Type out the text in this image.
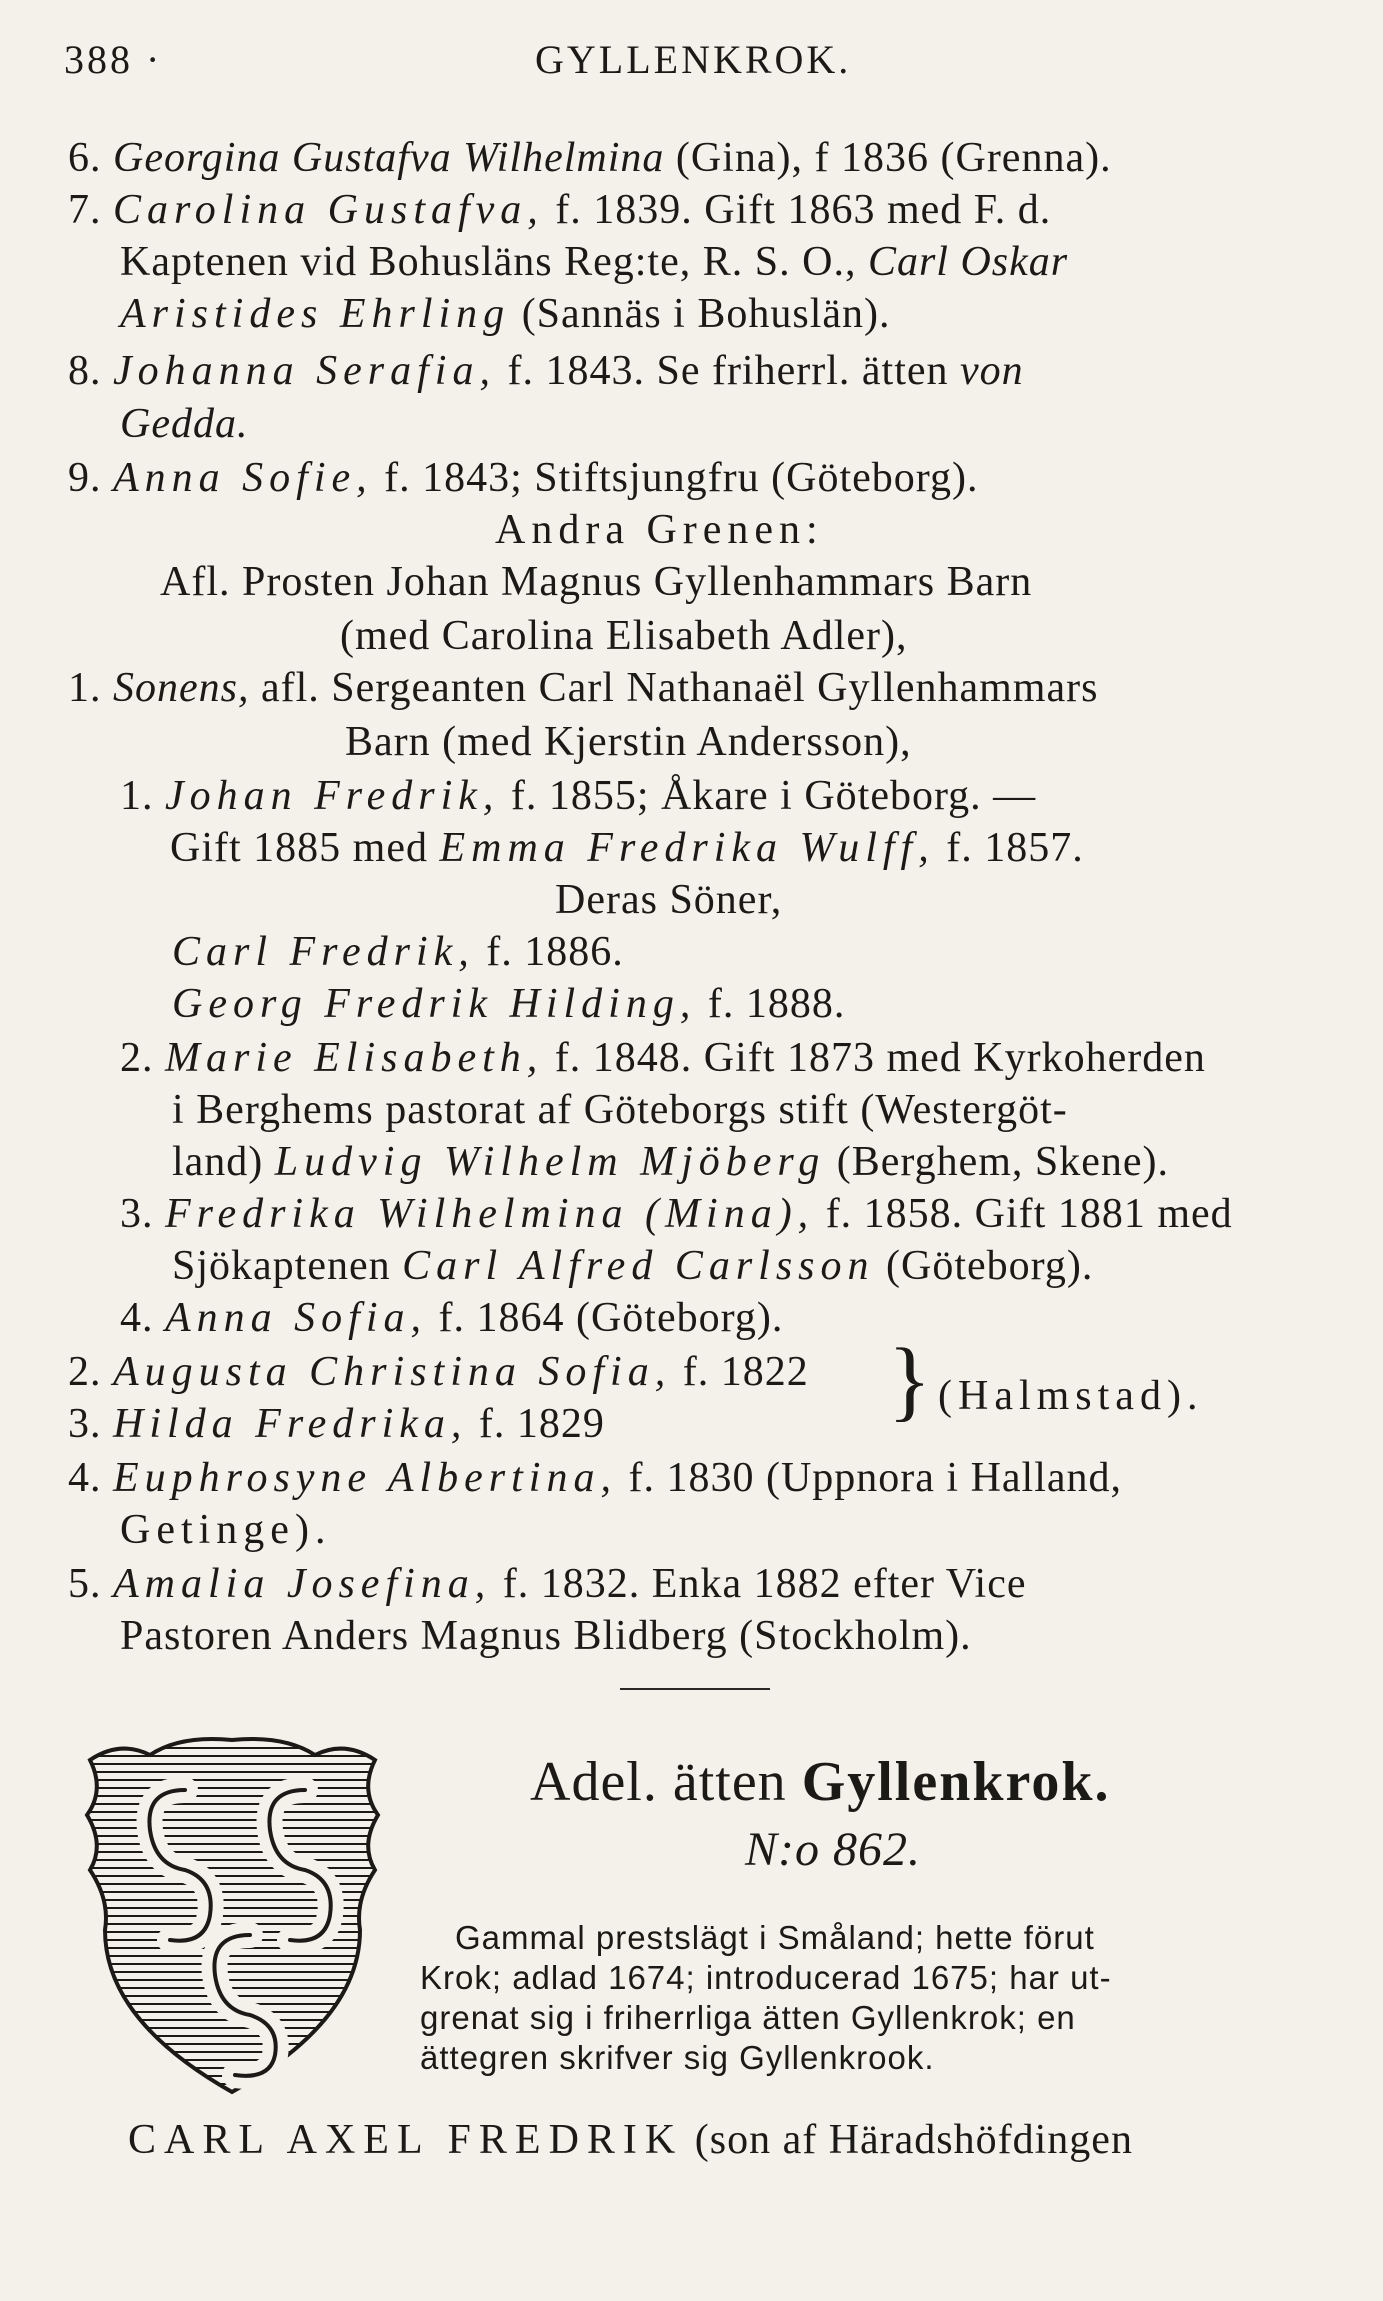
388 ·	GYLLENKROK.
6. Georgina Gustafva Wilhelmina (Gina), f 1836 (Grenna).
7. Carolina Gustafva, f. 1839. Gift 1863 med F. d.
Kaptenen vid Bohusläns Reg:te, R. S. O., Carl Oskar
Aristides Ehrling (Sannäs i Bohuslän).
8. Johanna Serafia, f. 1843. Se friherrl. ätten von
Gedda.
9. Anna Sofie, f. 1843; Stiftsjungfru (Göteborg).
Andra Grenen:
Afl. Prosten Johan Magnus Gyllenhammars Barn
(med Carolina Elisabeth Adler),
1. Sonens, afl. Sergeanten Carl Nathanaël Gyllenhammars
Barn (med Kjerstin Andersson),
1. Johan Fredrik, f. 1855; Åkare i Göteborg. —
Gift 1885 med Emma Fredrika Wulff, f. 1857.
Deras Söner,
Carl Fredrik, f. 1886.
Georg Fredrik Hilding, f. 1888.
2. Marie Elisabeth, f. 1848. Gift 1873 med Kyrkoherden
i Berghems pastorat af Göteborgs stift (Westergöt-
land) Ludvig Wilhelm Mjöberg (Berghem, Skene).
3. Fredrika Wilhelmina (Mina), f. 1858. Gift 1881 med
Sjökaptenen Carl Alfred Carlsson (Göteborg).
4. Anna Sofia, f. 1864 (Göteborg).
2. Augusta Christina Sofia, f. 1822
3. Hilda Fredrika, f. 1829	} (Halmstad).
4. Euphrosyne Albertina, f. 1830 (Uppnora i Halland,
Getinge).
5. Amalia Josefina, f. 1832. Enka 1882 efter Vice
Pastoren Anders Magnus Blidberg (Stockholm).
Adel. ätten Gyllenkrok.
N:o 862.
Gammal prestslägt i Småland; hette förut
Krok; adlad 1674; introducerad 1675; har ut-
grenat sig i friherrliga ätten Gyllenkrok; en
ättegren skrifver sig Gyllenkrook.
CARL AXEL FREDRIK (son af Häradshöfdingen
